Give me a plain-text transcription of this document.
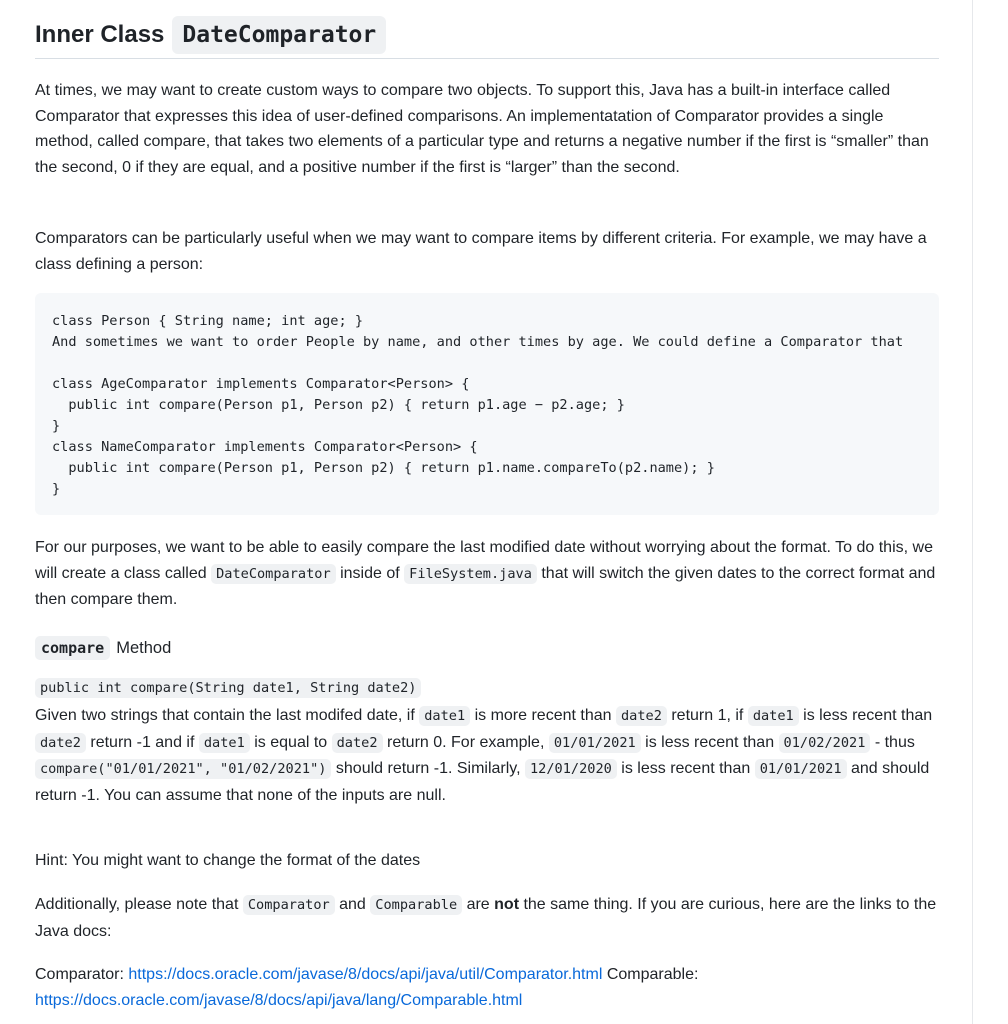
Inner Class DateComparator
At times, we may want to create custom ways to compare two objects. To support this, Java has a built-in interface called Comparator that expresses this idea of user-defined comparisons. An implementatation of Comparator provides a single method, called compare, that takes two elements of a particular type and returns a negative number if the first is “smaller” than the second, 0 if they are equal, and a positive number if the first is “larger” than the second.
Comparators can be particularly useful when we may want to compare items by different criteria. For example, we may have a class defining a person:
class Person { String name; int age; }
And sometimes we want to order People by name, and other times by age. We could define a Comparator that

class AgeComparator implements Comparator<Person> {
public int compare(Person p1, Person p2) { return p1.age − p2.age; }
}
class NameComparator implements Comparator<Person> {
public int compare(Person p1, Person p2) { return p1.name.compareTo(p2.name); }
}
For our purposes, we want to be able to easily compare the last modified date without worrying about the format. To do this, we will create a class called DateComparator inside of FileSystem.java that will switch the given dates to the correct format and then compare them.
compare Method
public int compare(String date1, String date2)
Given two strings that contain the last modifed date, if date1 is more recent than date2 return 1, if date1 is less recent than date2 return -1 and if date1 is equal to date2 return 0. For example, 01/01/2021 is less recent than 01/02/2021 - thus compare("01/01/2021", "01/02/2021") should return -1. Similarly, 12/01/2020 is less recent than 01/01/2021 and should return -1. You can assume that none of the inputs are null.
Hint: You might want to change the format of the dates
Additionally, please note that Comparator and Comparable are not the same thing. If you are curious, here are the links to the Java docs:
Comparator: https://docs.oracle.com/javase/8/docs/api/java/util/Comparator.html Comparable: https://docs.oracle.com/javase/8/docs/api/java/lang/Comparable.html
